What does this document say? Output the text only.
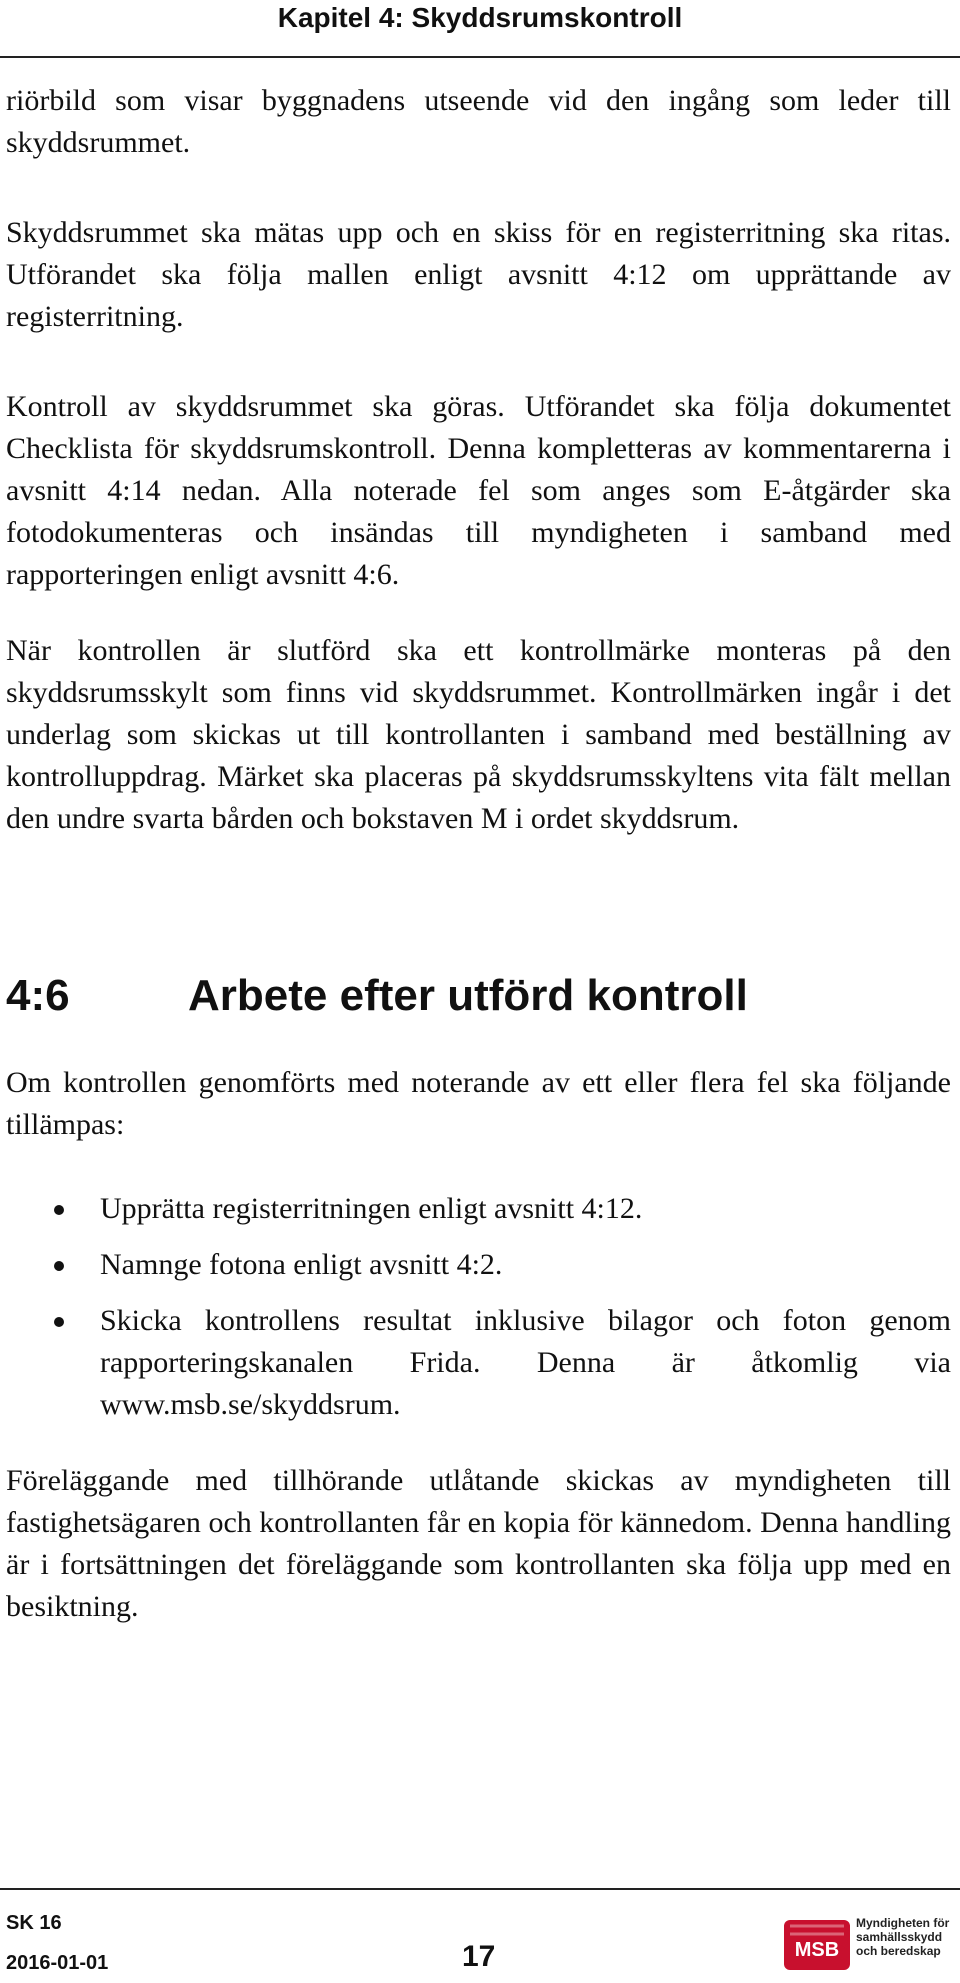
Kapitel 4: Skyddsrumskontroll

riörbild som visar byggnadens utseende vid den ingång som leder till skyddsrummet.

Skyddsrummet ska mätas upp och en skiss för en registerritning ska ritas. Utförandet ska följa mallen enligt avsnitt 4:12 om upprättande av registerritning.

Kontroll av skyddsrummet ska göras. Utförandet ska följa dokumentet Checklista för skyddsrumskontroll. Denna kompletteras av kommentarerna i avsnitt 4:14 nedan. Alla noterade fel som anges som E-åtgärder ska fotodokumenteras och insändas till myndigheten i samband med rapporteringen enligt avsnitt 4:6.

När kontrollen är slutförd ska ett kontrollmärke monteras på den skyddsrumsskylt som finns vid skyddsrummet. Kontrollmärken ingår i det underlag som skickas ut till kontrollanten i samband med beställning av kontrolluppdrag. Märket ska placeras på skyddsrumsskyltens vita fält mellan den undre svarta bården och bokstaven M i ordet skyddsrum.

4:6	Arbete efter utförd kontroll

Om kontrollen genomförts med noterande av ett eller flera fel ska följande tillämpas:

Upprätta registerritningen enligt avsnitt 4:12.
Namnge fotona enligt avsnitt 4:2.
Skicka kontrollens resultat inklusive bilagor och foton genom rapporteringskanalen Frida. Denna är åtkomlig via www.msb.se/skyddsrum.

Föreläggande med tillhörande utlåtande skickas av myndigheten till fastighetsägaren och kontrollanten får en kopia för kännedom. Denna handling är i fortsättningen det föreläggande som kontrollanten ska följa upp med en besiktning.

SK 16
2016-01-01	17	MSB
Myndigheten för
samhällsskydd
och beredskap
